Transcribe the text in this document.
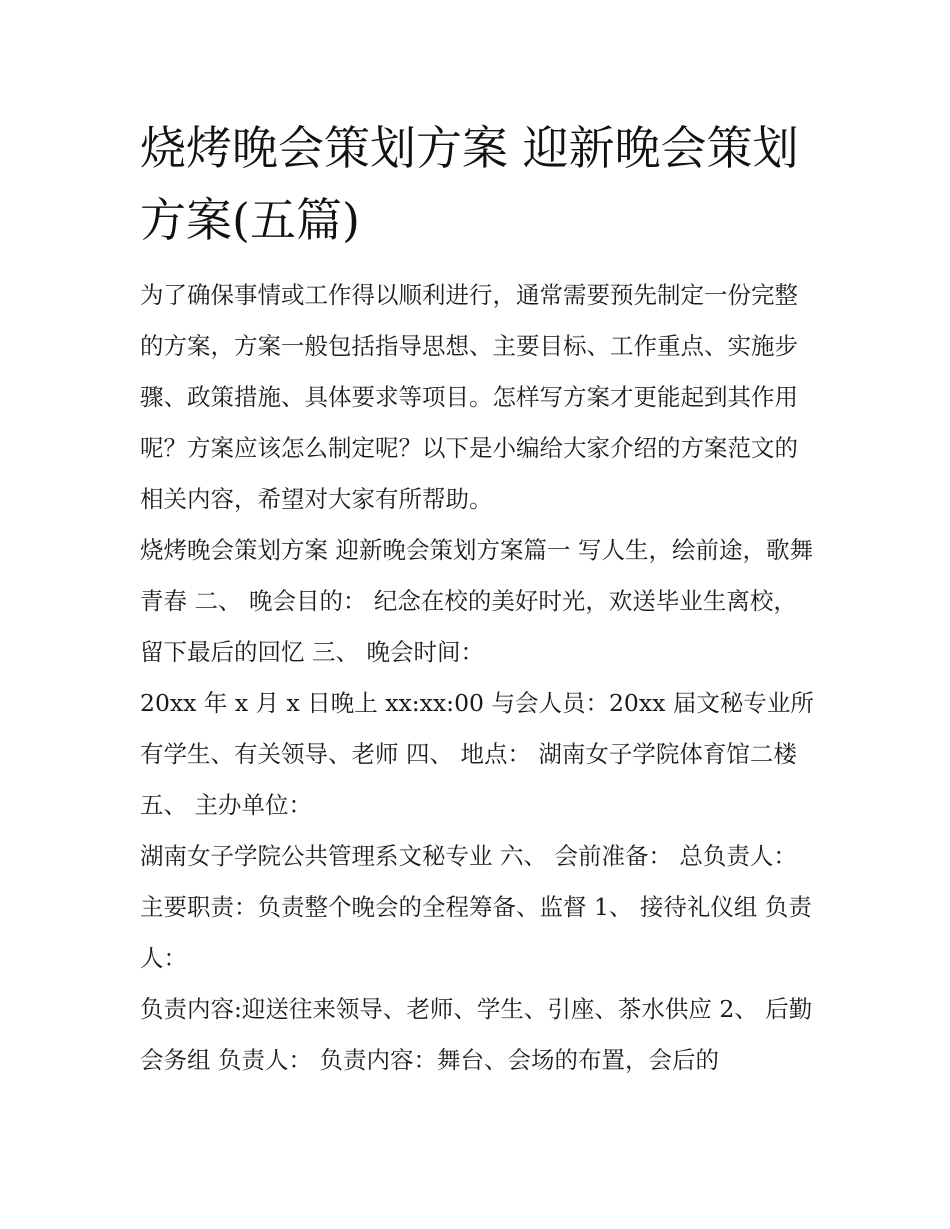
烧烤晚会策划方案 迎新晚会策划方案(五篇)

为了确保事情或工作得以顺利进行，通常需要预先制定一份完整的方案，方案一般包括指导思想、主要目标、工作重点、实施步骤、政策措施、具体要求等项目。怎样写方案才更能起到其作用呢？方案应该怎么制定呢？以下是小编给大家介绍的方案范文的相关内容，希望对大家有所帮助。

烧烤晚会策划方案 迎新晚会策划方案篇一 写人生，绘前途，歌舞青春 二、 晚会目的： 纪念在校的美好时光，欢送毕业生离校，留下最后的回忆 三、 晚会时间：

20xx 年 x 月 x 日晚上 xx:xx:00 与会人员：20xx 届文秘专业所有学生、有关领导、老师 四、 地点： 湖南女子学院体育馆二楼 五、 主办单位：

湖南女子学院公共管理系文秘专业 六、 会前准备： 总负责人： 主要职责：负责整个晚会的全程筹备、监督 1、 接待礼仪组 负责人：

负责内容:迎送往来领导、老师、学生、引座、茶水供应 2、 后勤会务组 负责人： 负责内容：舞台、会场的布置，会后的
